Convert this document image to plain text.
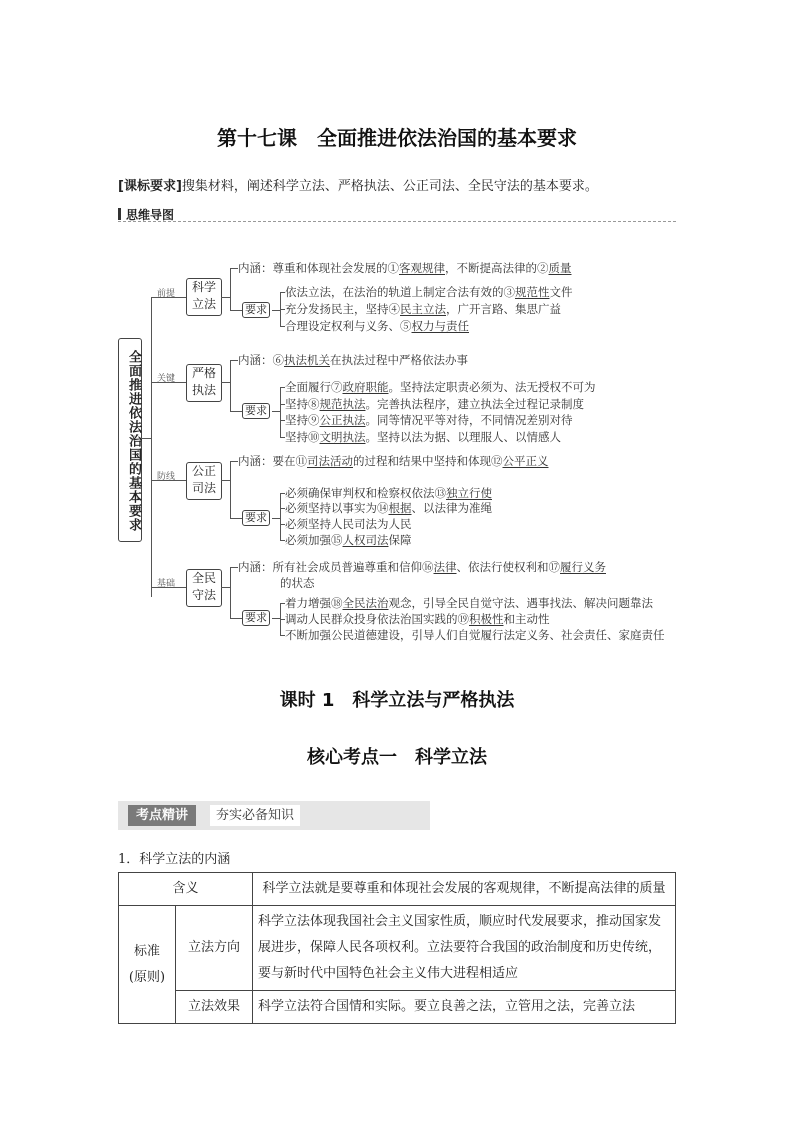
第十七课　全面推进依法治国的基本要求
[课标要求]搜集材料，阐述科学立法、严格执法、公正司法、全民守法的基本要求。
思维导图
全面推进依法治国的基本要求
前提	科学立法
内涵：尊重和体现社会发展的①客观规律，不断提高法律的②质量
要求
依法立法，在法治的轨道上制定合法有效的③规范性文件
充分发扬民主，坚持④民主立法，广开言路、集思广益
合理设定权利与义务、⑤权力与责任
关键	严格执法
内涵：⑥执法机关在执法过程中严格依法办事
要求
全面履行⑦政府职能。坚持法定职责必须为、法无授权不可为
坚持⑧规范执法。完善执法程序，建立执法全过程记录制度
坚持⑨公正执法。同等情况平等对待，不同情况差别对待
坚持⑩文明执法。坚持以法为据、以理服人、以情感人
防线	公正司法
内涵：要在⑪司法活动的过程和结果中坚持和体现⑫公平正义
要求
必须确保审判权和检察权依法⑬独立行使
必须坚持以事实为⑭根据、以法律为准绳
必须坚持人民司法为人民
必须加强⑮人权司法保障
基础	全民守法
内涵：所有社会成员普遍尊重和信仰⑯法律、依法行使权利和⑰履行义务
的状态
要求
着力增强⑱全民法治观念，引导全民自觉守法、遇事找法、解决问题靠法
调动人民群众投身依法治国实践的⑲积极性和主动性
不断加强公民道德建设，引导人们自觉履行法定义务、社会责任、家庭责任
课时 1　科学立法与严格执法
核心考点一　科学立法
考点精讲	夯实必备知识
1．科学立法的内涵
含义		科学立法就是要尊重和体现社会发展的客观规律，不断提高法律的质量
标准
(原则)	立法方向	科学立法体现我国社会主义国家性质，顺应时代发展要求，推动国家发展进步，保障人民各项权利。立法要符合我国的政治制度和历史传统，要与新时代中国特色社会主义伟大进程相适应
	立法效果	科学立法符合国情和实际。要立良善之法，立管用之法，完善立法
